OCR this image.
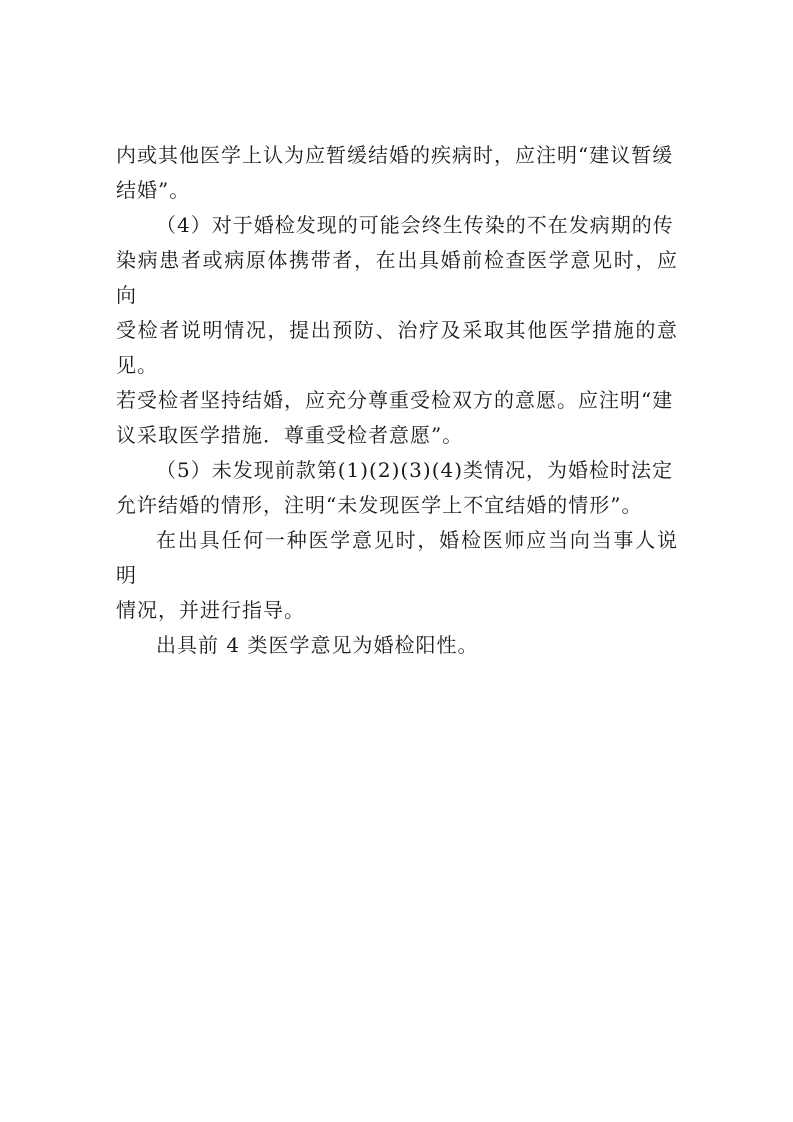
内或其他医学上认为应暂缓结婚的疾病时，应注明“建议暂缓
结婚”。

（4）对于婚检发现的可能会终生传染的不在发病期的传
染病患者或病原体携带者，在出具婚前检查医学意见时，应向
受检者说明情况，提出预防、治疗及采取其他医学措施的意见。
若受检者坚持结婚，应充分尊重受检双方的意愿。应注明“建
议采取医学措施．尊重受检者意愿”。

（5）未发现前款第(1)(2)(3)(4)类情况，为婚检时法定
允许结婚的情形，注明“未发现医学上不宜结婚的情形”。

在出具任何一种医学意见时，婚检医师应当向当事人说明
情况，并进行指导。

出具前 4 类医学意见为婚检阳性。
